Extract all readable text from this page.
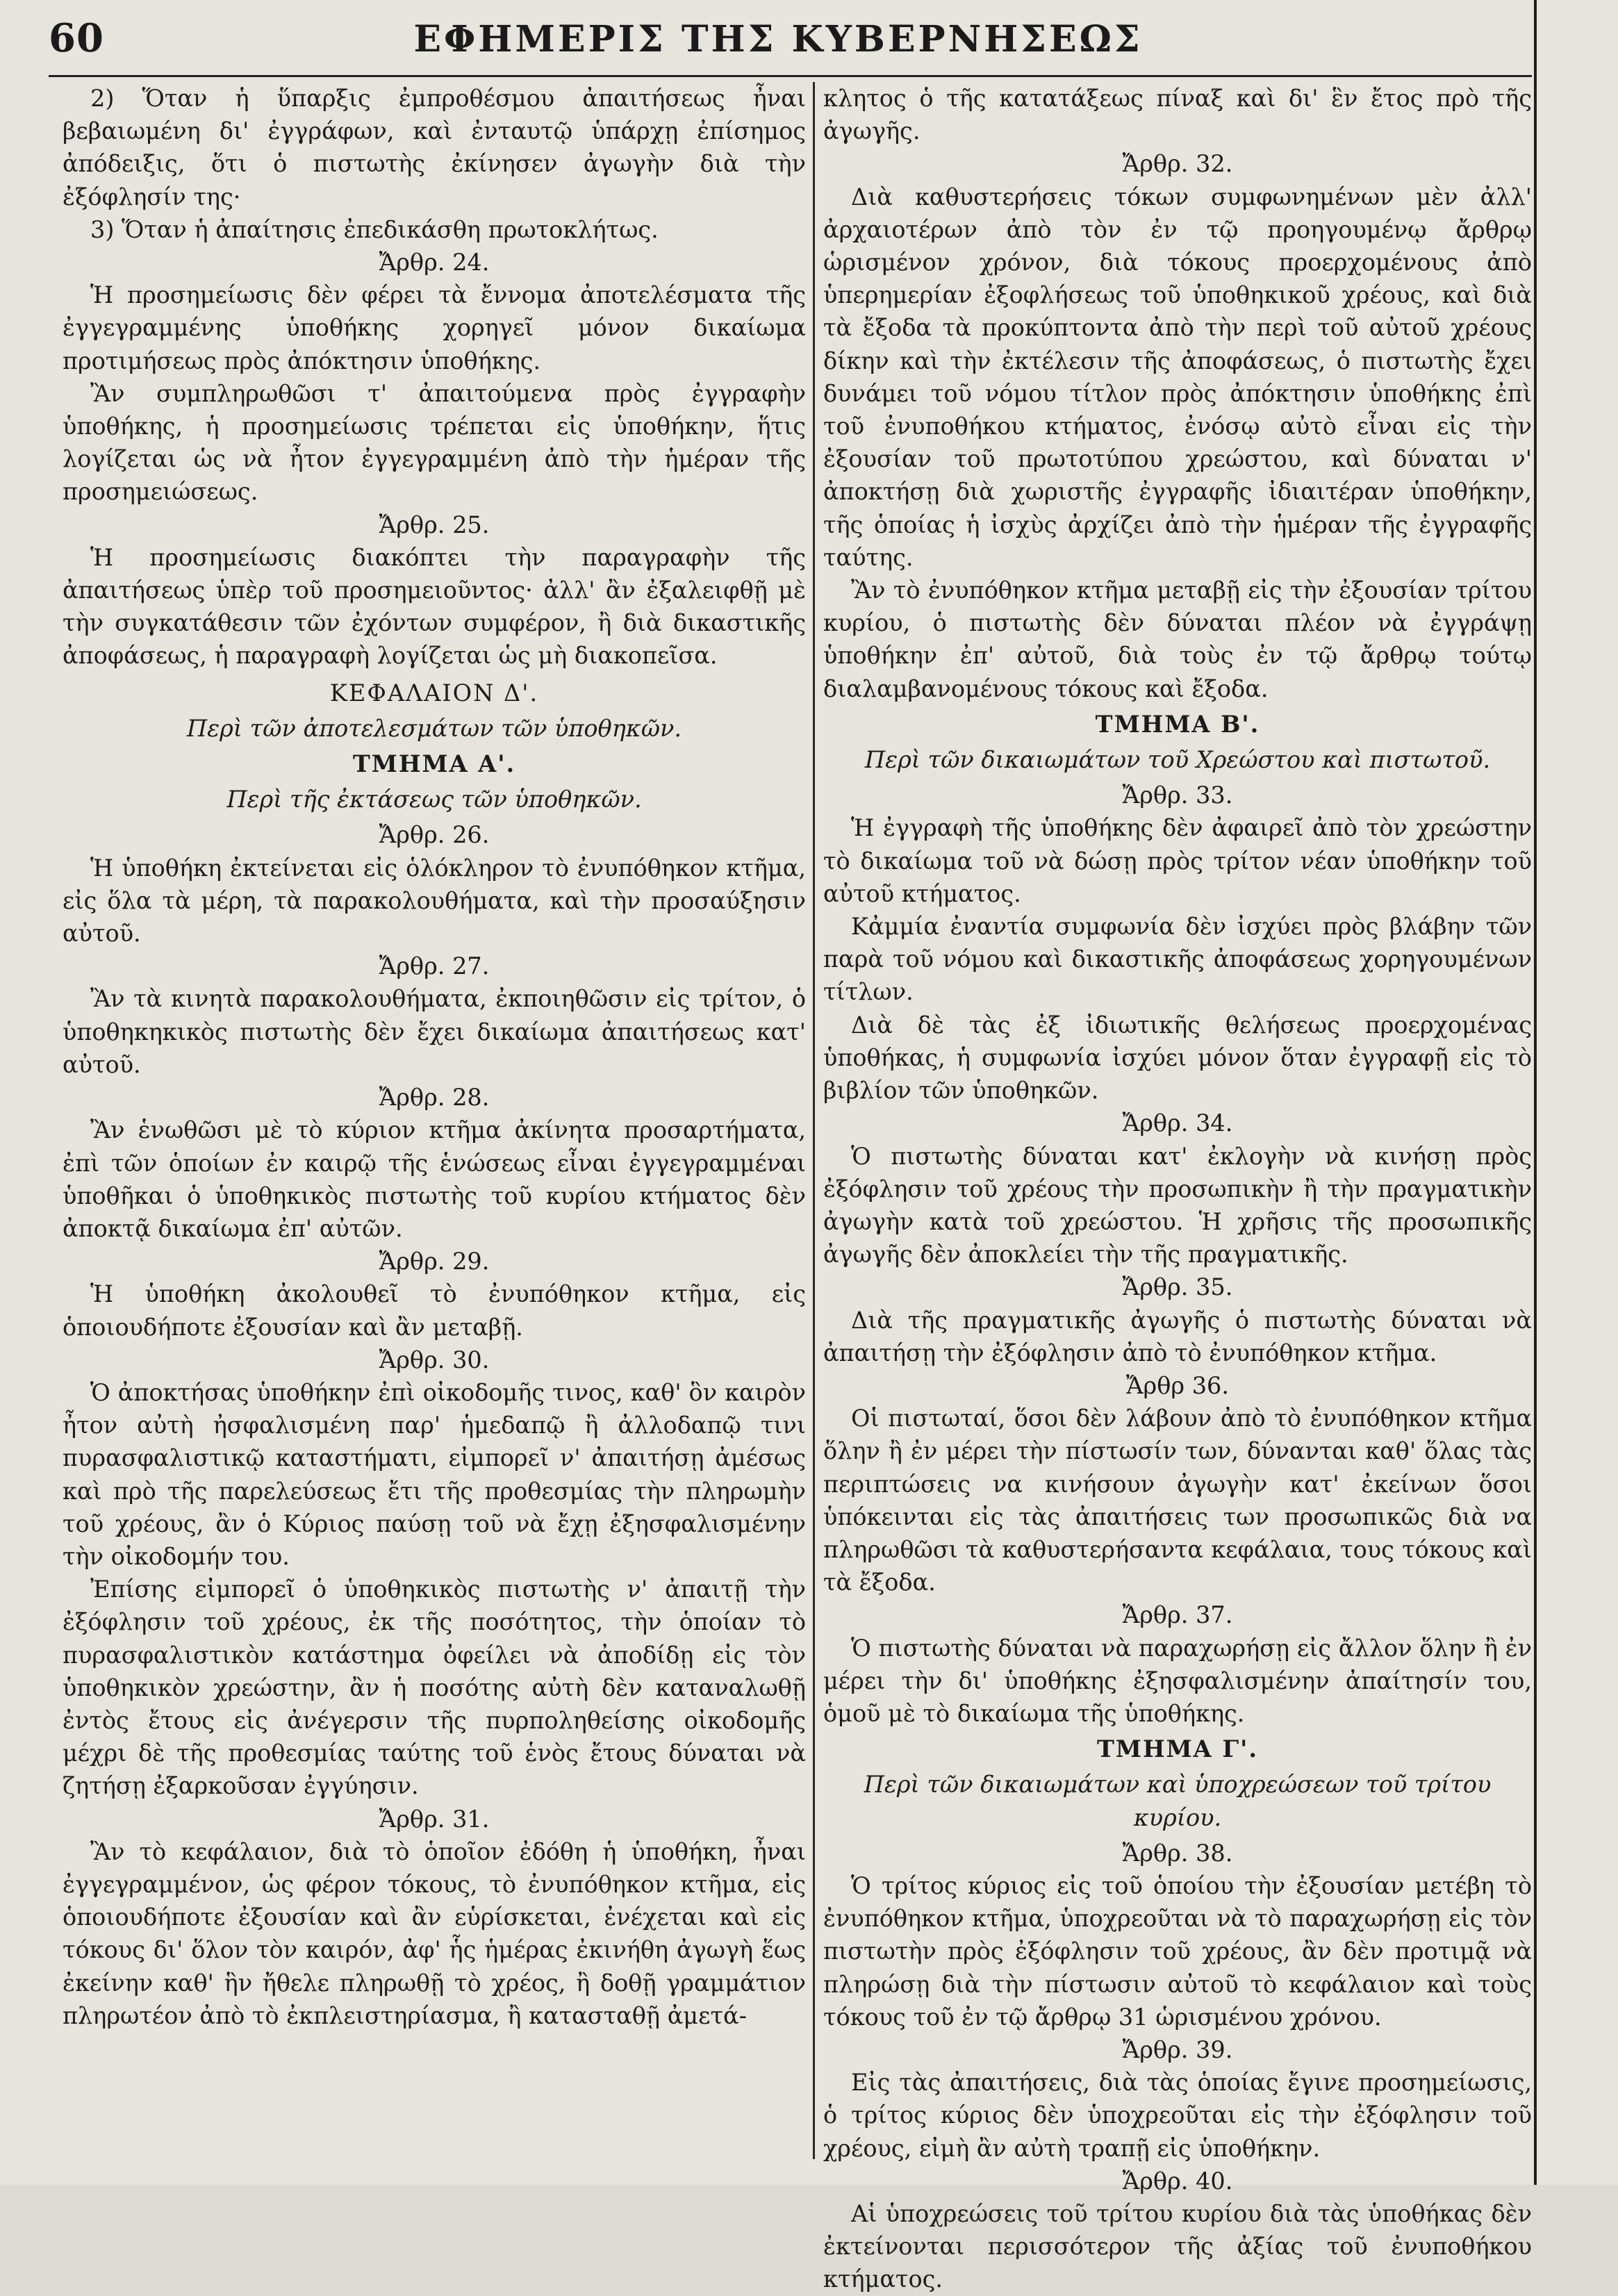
60	ΕΦΗΜΕΡΙΣ ΤΗΣ ΚΥΒΕΡΝΗΣΕΩΣ

2) Ὅταν ἡ ὕπαρξις ἐμπροθέσμου ἀπαιτήσεως ἦναι βεβαιωμένη δι' ἐγγράφων, καὶ ἐνταυτῷ ὑπάρχῃ ἐπίσημος ἀπόδειξις, ὅτι ὁ πιστωτὴς ἐκίνησεν ἀγωγὴν διὰ τὴν ἐξόφλησίν της·

3) Ὅταν ἡ ἀπαίτησις ἐπεδικάσθη πρωτοκλήτως.

Ἄρθρ. 24.

Ἡ προσημείωσις δὲν φέρει τὰ ἔννομα ἀποτελέσματα τῆς ἐγγεγραμμένης ὑποθήκης χορηγεῖ μόνον δικαίωμα προτιμήσεως πρὸς ἀπόκτησιν ὑποθήκης.

Ἂν συμπληρωθῶσι τ' ἀπαιτούμενα πρὸς ἐγγραφὴν ὑποθήκης, ἡ προσημείωσις τρέπεται εἰς ὑποθήκην, ἥτις λογίζεται ὡς νὰ ἦτον ἐγγεγραμμένη ἀπὸ τὴν ἡμέραν τῆς προσημειώσεως.

Ἄρθρ. 25.

Ἡ προσημείωσις διακόπτει τὴν παραγραφὴν τῆς ἀπαιτήσεως ὑπὲρ τοῦ προσημειοῦντος· ἀλλ' ἂν ἐξαλειφθῇ μὲ τὴν συγκατάθεσιν τῶν ἐχόντων συμφέρον, ἢ διὰ δικαστικῆς ἀποφάσεως, ἡ παραγραφὴ λογίζεται ὡς μὴ διακοπεῖσα.

ΚΕΦΑΛΑΙΟΝ Δ'.
Περὶ τῶν ἀποτελεσμάτων τῶν ὑποθηκῶν.
ΤΜΗΜΑ Α'.
Περὶ τῆς ἐκτάσεως τῶν ὑποθηκῶν.
Ἄρθρ. 26.

Ἡ ὑποθήκη ἐκτείνεται εἰς ὁλόκληρον τὸ ἐνυπόθηκον κτῆμα, εἰς ὅλα τὰ μέρη, τὰ παρακολουθήματα, καὶ τὴν προσαύξησιν αὐτοῦ.

Ἄρθρ. 27.

Ἂν τὰ κινητὰ παρακολουθήματα, ἐκποιηθῶσιν εἰς τρίτον, ὁ ὑποθηκηκικὸς πιστωτὴς δὲν ἔχει δικαίωμα ἀπαιτήσεως κατ' αὐτοῦ.

Ἄρθρ. 28.

Ἂν ἑνωθῶσι μὲ τὸ κύριον κτῆμα ἀκίνητα προσαρτήματα, ἐπὶ τῶν ὁποίων ἐν καιρῷ τῆς ἑνώσεως εἶναι ἐγγεγραμμέναι ὑποθῆκαι ὁ ὑποθηκικὸς πιστωτὴς τοῦ κυρίου κτήματος δὲν ἀποκτᾷ δικαίωμα ἐπ' αὐτῶν.

Ἄρθρ. 29.

Ἡ ὑποθήκη ἀκολουθεῖ τὸ ἐνυπόθηκον κτῆμα, εἰς ὁποιουδήποτε ἐξουσίαν καὶ ἂν μεταβῇ.

Ἄρθρ. 30.

Ὁ ἀποκτήσας ὑποθήκην ἐπὶ οἰκοδομῆς τινος, καθ' ὃν καιρὸν ἦτον αὐτὴ ἠσφαλισμένη παρ' ἡμεδαπῷ ἢ ἀλλοδαπῷ τινι πυρασφαλιστικῷ καταστήματι, εἰμπορεῖ ν' ἀπαιτήσῃ ἀμέσως καὶ πρὸ τῆς παρελεύσεως ἔτι τῆς προθεσμίας τὴν πληρωμὴν τοῦ χρέους, ἂν ὁ Κύριος παύσῃ τοῦ νὰ ἔχῃ ἐξησφαλισμένην τὴν οἰκοδομήν του.

Ἐπίσης εἰμπορεῖ ὁ ὑποθηκικὸς πιστωτὴς ν' ἀπαιτῇ τὴν ἐξόφλησιν τοῦ χρέους, ἐκ τῆς ποσότητος, τὴν ὁποίαν τὸ πυρασφαλιστικὸν κατάστημα ὀφείλει νὰ ἀποδίδῃ εἰς τὸν ὑποθηκικὸν χρεώστην, ἂν ἡ ποσότης αὐτὴ δὲν καταναλωθῇ ἐντὸς ἔτους εἰς ἀνέγερσιν τῆς πυρποληθείσης οἰκοδομῆς μέχρι δὲ τῆς προθεσμίας ταύτης τοῦ ἑνὸς ἔτους δύναται νὰ ζητήσῃ ἐξαρκοῦσαν ἐγγύησιν.

Ἄρθρ. 31.

Ἂν τὸ κεφάλαιον, διὰ τὸ ὁποῖον ἐδόθη ἡ ὑποθήκη, ἦναι ἐγγεγραμμένον, ὡς φέρον τόκους, τὸ ἐνυπόθηκον κτῆμα, εἰς ὁποιουδήποτε ἐξουσίαν καὶ ἂν εὑρίσκεται, ἐνέχεται καὶ εἰς τόκους δι' ὅλον τὸν καιρόν, ἀφ' ἧς ἡμέρας ἐκινήθη ἀγωγὴ ἕως ἐκείνην καθ' ἣν ἤθελε πληρωθῇ τὸ χρέος, ἢ δοθῇ γραμμάτιον πληρωτέον ἀπὸ τὸ ἐκπλειστηρίασμα, ἢ κατασταθῇ ἀμετά-

κλητος ὁ τῆς κατατάξεως πίναξ καὶ δι' ἓν ἔτος πρὸ τῆς ἀγωγῆς.

Ἄρθρ. 32.

Διὰ καθυστερήσεις τόκων συμφωνημένων μὲν ἀλλ' ἀρχαιοτέρων ἀπὸ τὸν ἐν τῷ προηγουμένῳ ἄρθρῳ ὡρισμένον χρόνον, διὰ τόκους προερχομένους ἀπὸ ὑπερημερίαν ἐξοφλήσεως τοῦ ὑποθηκικοῦ χρέους, καὶ διὰ τὰ ἔξοδα τὰ προκύπτοντα ἀπὸ τὴν περὶ τοῦ αὐτοῦ χρέους δίκην καὶ τὴν ἐκτέλεσιν τῆς ἀποφάσεως, ὁ πιστωτὴς ἔχει δυνάμει τοῦ νόμου τίτλον πρὸς ἀπόκτησιν ὑποθήκης ἐπὶ τοῦ ἐνυποθήκου κτήματος, ἐνόσῳ αὐτὸ εἶναι εἰς τὴν ἐξουσίαν τοῦ πρωτοτύπου χρεώστου, καὶ δύναται ν' ἀποκτήσῃ διὰ χωριστῆς ἐγγραφῆς ἰδιαιτέραν ὑποθήκην, τῆς ὁποίας ἡ ἰσχὺς ἀρχίζει ἀπὸ τὴν ἡμέραν τῆς ἐγγραφῆς ταύτης.

Ἂν τὸ ἐνυπόθηκον κτῆμα μεταβῇ εἰς τὴν ἐξουσίαν τρίτου κυρίου, ὁ πιστωτὴς δὲν δύναται πλέον νὰ ἐγγράψῃ ὑποθήκην ἐπ' αὐτοῦ, διὰ τοὺς ἐν τῷ ἄρθρῳ τούτῳ διαλαμβανομένους τόκους καὶ ἔξοδα.

ΤΜΗΜΑ Β'.
Περὶ τῶν δικαιωμάτων τοῦ Χρεώστου καὶ πιστωτοῦ.
Ἄρθρ. 33.

Ἡ ἐγγραφὴ τῆς ὑποθήκης δὲν ἀφαιρεῖ ἀπὸ τὸν χρεώστην τὸ δικαίωμα τοῦ νὰ δώσῃ πρὸς τρίτον νέαν ὑποθήκην τοῦ αὐτοῦ κτήματος.

Κἀμμία ἐναντία συμφωνία δὲν ἰσχύει πρὸς βλάβην τῶν παρὰ τοῦ νόμου καὶ δικαστικῆς ἀποφάσεως χορηγουμένων τίτλων.

Διὰ δὲ τὰς ἐξ ἰδιωτικῆς θελήσεως προερχομένας ὑποθήκας, ἡ συμφωνία ἰσχύει μόνον ὅταν ἐγγραφῇ εἰς τὸ βιβλίον τῶν ὑποθηκῶν.

Ἄρθρ. 34.

Ὁ πιστωτὴς δύναται κατ' ἐκλογὴν νὰ κινήσῃ πρὸς ἐξόφλησιν τοῦ χρέους τὴν προσωπικὴν ἢ τὴν πραγματικὴν ἀγωγὴν κατὰ τοῦ χρεώστου. Ἡ χρῆσις τῆς προσωπικῆς ἀγωγῆς δὲν ἀποκλείει τὴν τῆς πραγματικῆς.

Ἄρθρ. 35.

Διὰ τῆς πραγματικῆς ἀγωγῆς ὁ πιστωτὴς δύναται νὰ ἀπαιτήσῃ τὴν ἐξόφλησιν ἀπὸ τὸ ἐνυπόθηκον κτῆμα.

Ἄρθρ 36.

Οἱ πιστωταί, ὅσοι δὲν λάβουν ἀπὸ τὸ ἐνυπόθηκον κτῆμα ὅλην ἢ ἐν μέρει τὴν πίστωσίν των, δύνανται καθ' ὅλας τὰς περιπτώσεις να κινήσουν ἀγωγὴν κατ' ἐκείνων ὅσοι ὑπόκεινται εἰς τὰς ἀπαιτήσεις των προσωπικῶς διὰ να πληρωθῶσι τὰ καθυστερήσαντα κεφάλαια, τους τόκους καὶ τὰ ἔξοδα.

Ἄρθρ. 37.

Ὁ πιστωτὴς δύναται νὰ παραχωρήσῃ εἰς ἄλλον ὅλην ἢ ἐν μέρει τὴν δι' ὑποθήκης ἐξησφαλισμένην ἀπαίτησίν του, ὁμοῦ μὲ τὸ δικαίωμα τῆς ὑποθήκης.

ΤΜΗΜΑ Γ'.
Περὶ τῶν δικαιωμάτων καὶ ὑποχρεώσεων τοῦ τρίτου κυρίου.
Ἄρθρ. 38.

Ὁ τρίτος κύριος εἰς τοῦ ὁποίου τὴν ἐξουσίαν μετέβη τὸ ἐνυπόθηκον κτῆμα, ὑποχρεοῦται νὰ τὸ παραχωρήσῃ εἰς τὸν πιστωτὴν πρὸς ἐξόφλησιν τοῦ χρέους, ἂν δὲν προτιμᾷ νὰ πληρώσῃ διὰ τὴν πίστωσιν αὐτοῦ τὸ κεφάλαιον καὶ τοὺς τόκους τοῦ ἐν τῷ ἄρθρῳ 31 ὡρισμένου χρόνου.

Ἄρθρ. 39.

Εἰς τὰς ἀπαιτήσεις, διὰ τὰς ὁποίας ἔγινε προσημείωσις, ὁ τρίτος κύριος δὲν ὑποχρεοῦται εἰς τὴν ἐξόφλησιν τοῦ χρέους, εἰμὴ ἂν αὐτὴ τραπῇ εἰς ὑποθήκην.

Ἄρθρ. 40.

Αἱ ὑποχρεώσεις τοῦ τρίτου κυρίου διὰ τὰς ὑποθήκας δὲν ἐκτείνονται περισσότερον τῆς ἀξίας τοῦ ἐνυποθήκου κτήματος.
